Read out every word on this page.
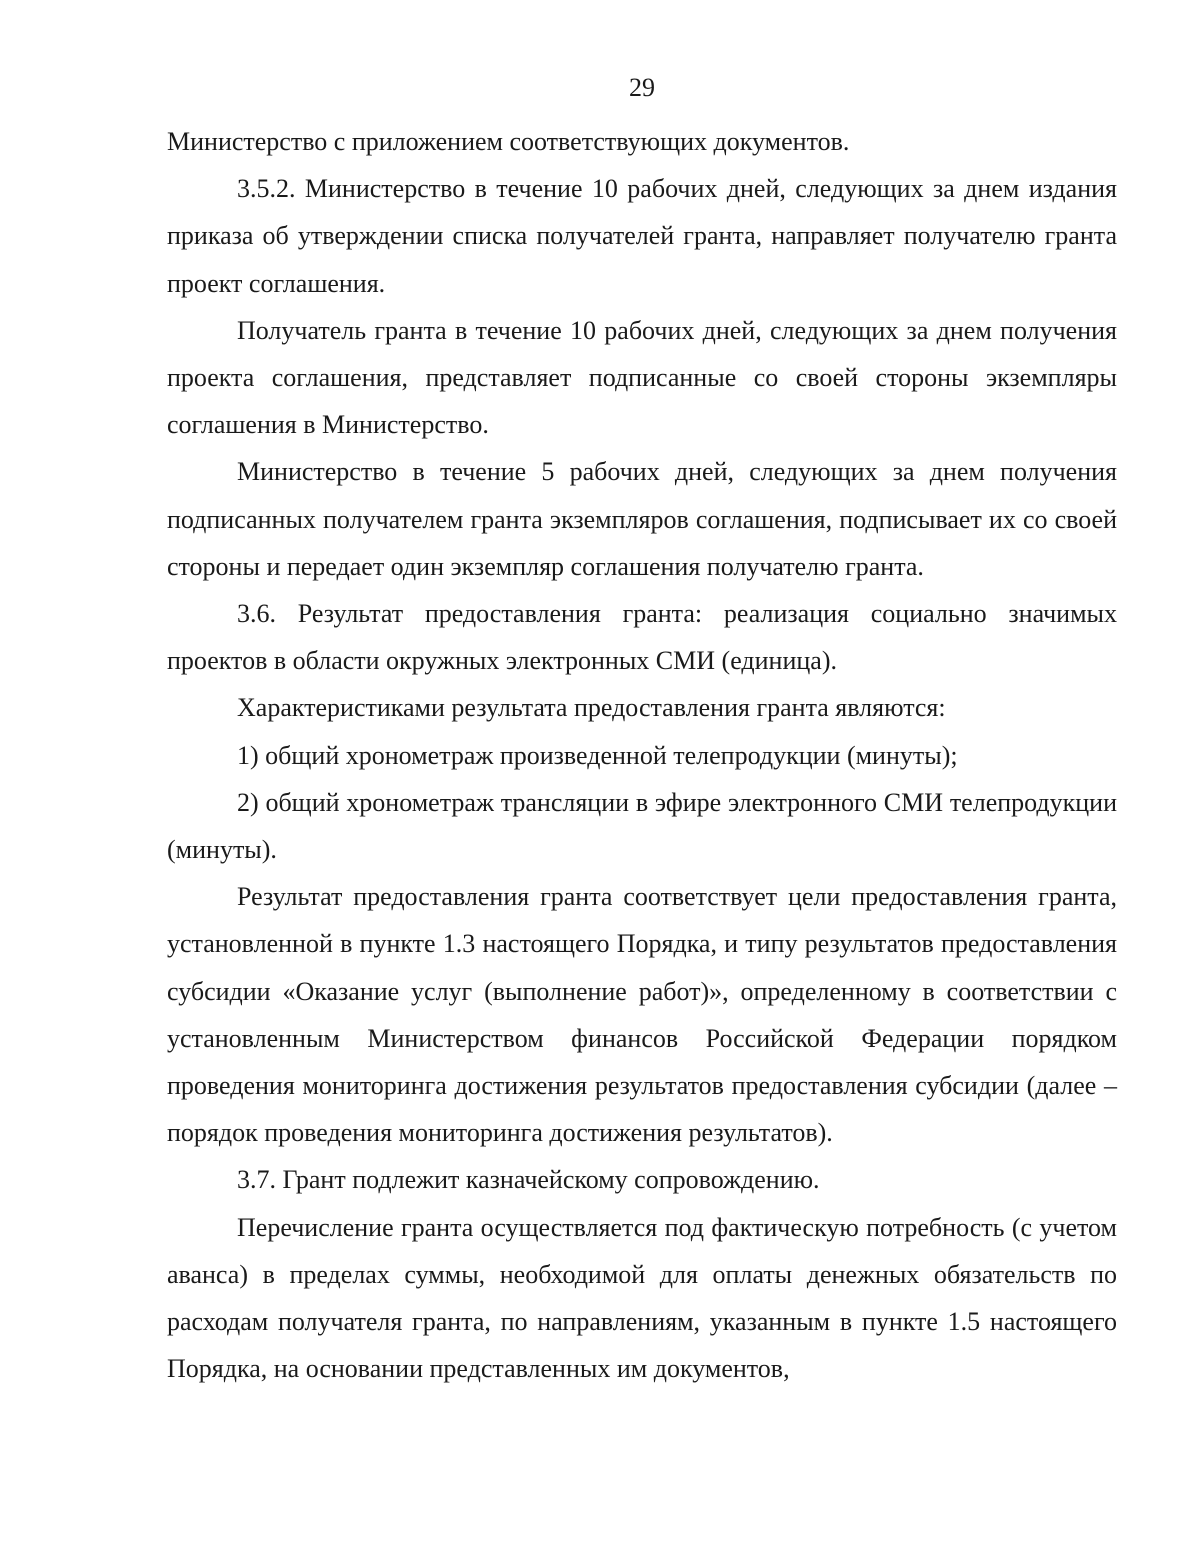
29

Министерство с приложением соответствующих документов.

3.5.2. Министерство в течение 10 рабочих дней, следующих за днем издания приказа об утверждении списка получателей гранта, направляет получателю гранта проект соглашения.

Получатель гранта в течение 10 рабочих дней, следующих за днем получения проекта соглашения, представляет подписанные со своей стороны экземпляры соглашения в Министерство.

Министерство в течение 5 рабочих дней, следующих за днем получения подписанных получателем гранта экземпляров соглашения, подписывает их со своей стороны и передает один экземпляр соглашения получателю гранта.

3.6. Результат предоставления гранта: реализация социально значимых проектов в области окружных электронных СМИ (единица).

Характеристиками результата предоставления гранта являются:

1) общий хронометраж произведенной телепродукции (минуты);

2) общий хронометраж трансляции в эфире электронного СМИ телепродукции (минуты).

Результат предоставления гранта соответствует цели предоставления гранта, установленной в пункте 1.3 настоящего Порядка, и типу результатов предоставления субсидии «Оказание услуг (выполнение работ)», определенному в соответствии с установленным Министерством финансов Российской Федерации порядком проведения мониторинга достижения результатов предоставления субсидии (далее – порядок проведения мониторинга достижения результатов).

3.7. Грант подлежит казначейскому сопровождению.

Перечисление гранта осуществляется под фактическую потребность (с учетом аванса) в пределах суммы, необходимой для оплаты денежных обязательств по расходам получателя гранта, по направлениям, указанным в пункте 1.5 настоящего Порядка, на основании представленных им документов,
